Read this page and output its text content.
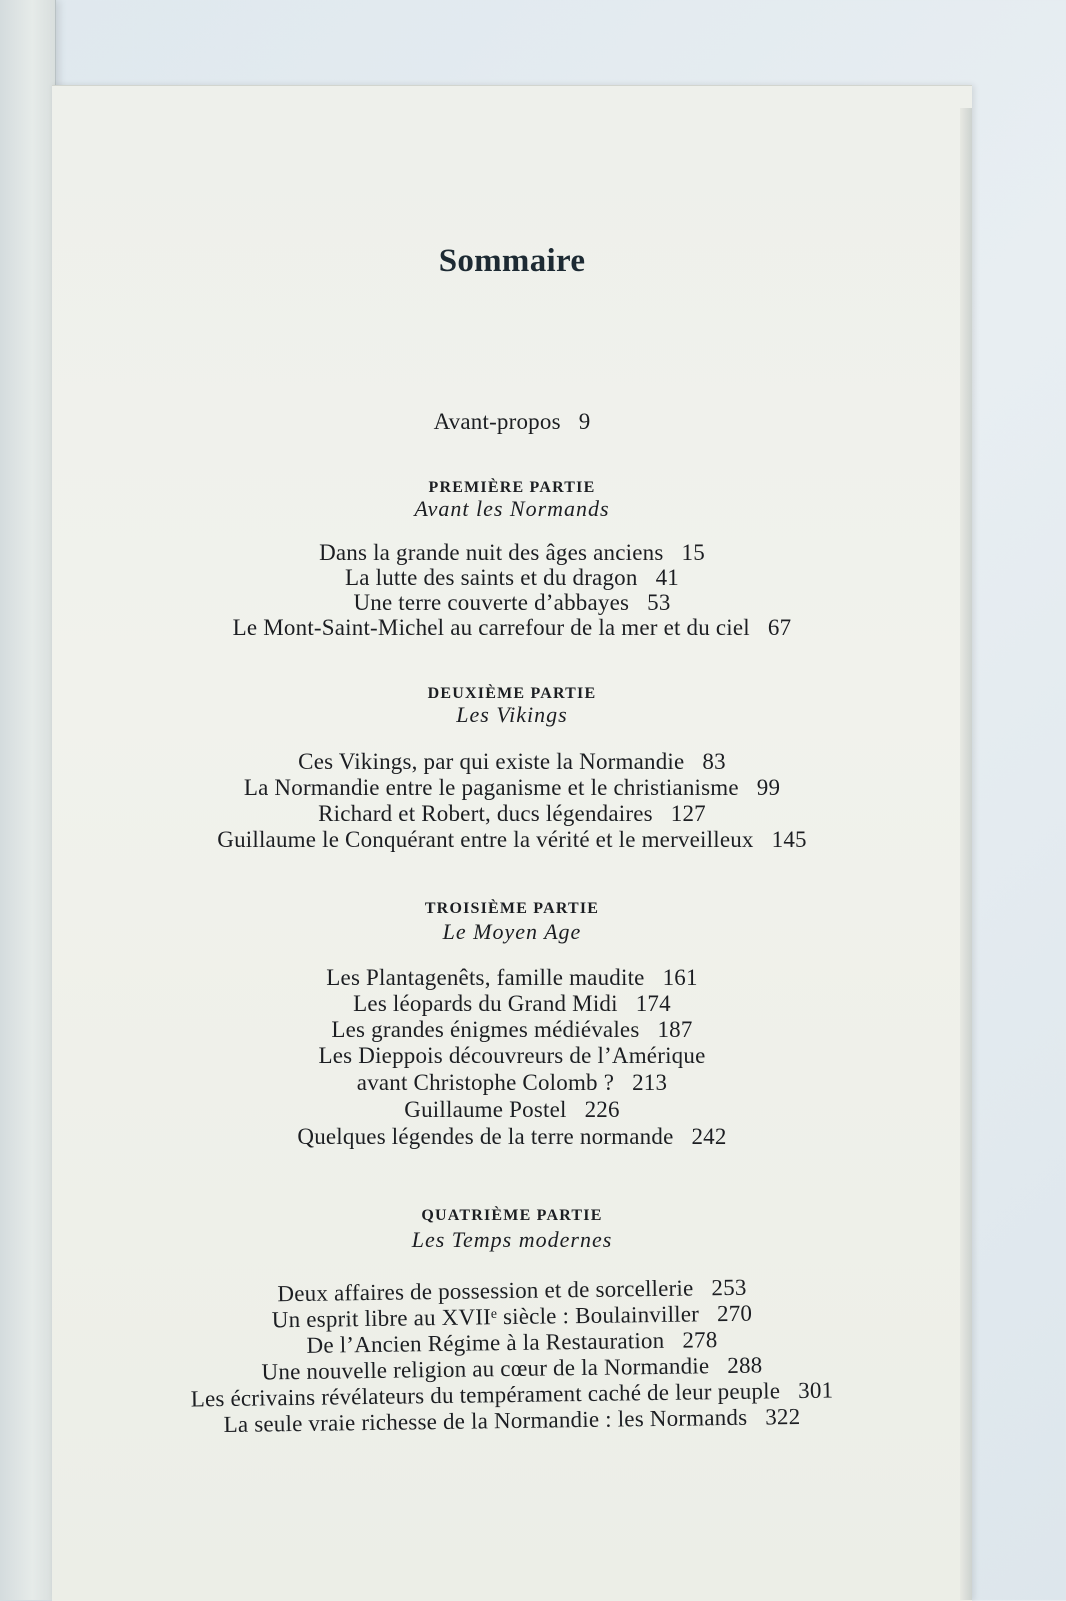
Sommaire
Avant-propos 9
PREMIÈRE PARTIE
Avant les Normands
Dans la grande nuit des âges anciens 15
La lutte des saints et du dragon 41
Une terre couverte d’abbayes 53
Le Mont-Saint-Michel au carrefour de la mer et du ciel 67
DEUXIÈME PARTIE
Les Vikings
Ces Vikings, par qui existe la Normandie 83
La Normandie entre le paganisme et le christianisme 99
Richard et Robert, ducs légendaires 127
Guillaume le Conquérant entre la vérité et le merveilleux 145
TROISIÈME PARTIE
Le Moyen Age
Les Plantagenêts, famille maudite 161
Les léopards du Grand Midi 174
Les grandes énigmes médiévales 187
Les Dieppois découvreurs de l’Amérique
avant Christophe Colomb ? 213
Guillaume Postel 226
Quelques légendes de la terre normande 242
QUATRIÈME PARTIE
Les Temps modernes
Deux affaires de possession et de sorcellerie 253
Un esprit libre au XVIIᵉ siècle : Boulainviller 270
De l’Ancien Régime à la Restauration 278
Une nouvelle religion au cœur de la Normandie 288
Les écrivains révélateurs du tempérament caché de leur peuple 301
La seule vraie richesse de la Normandie : les Normands 322
